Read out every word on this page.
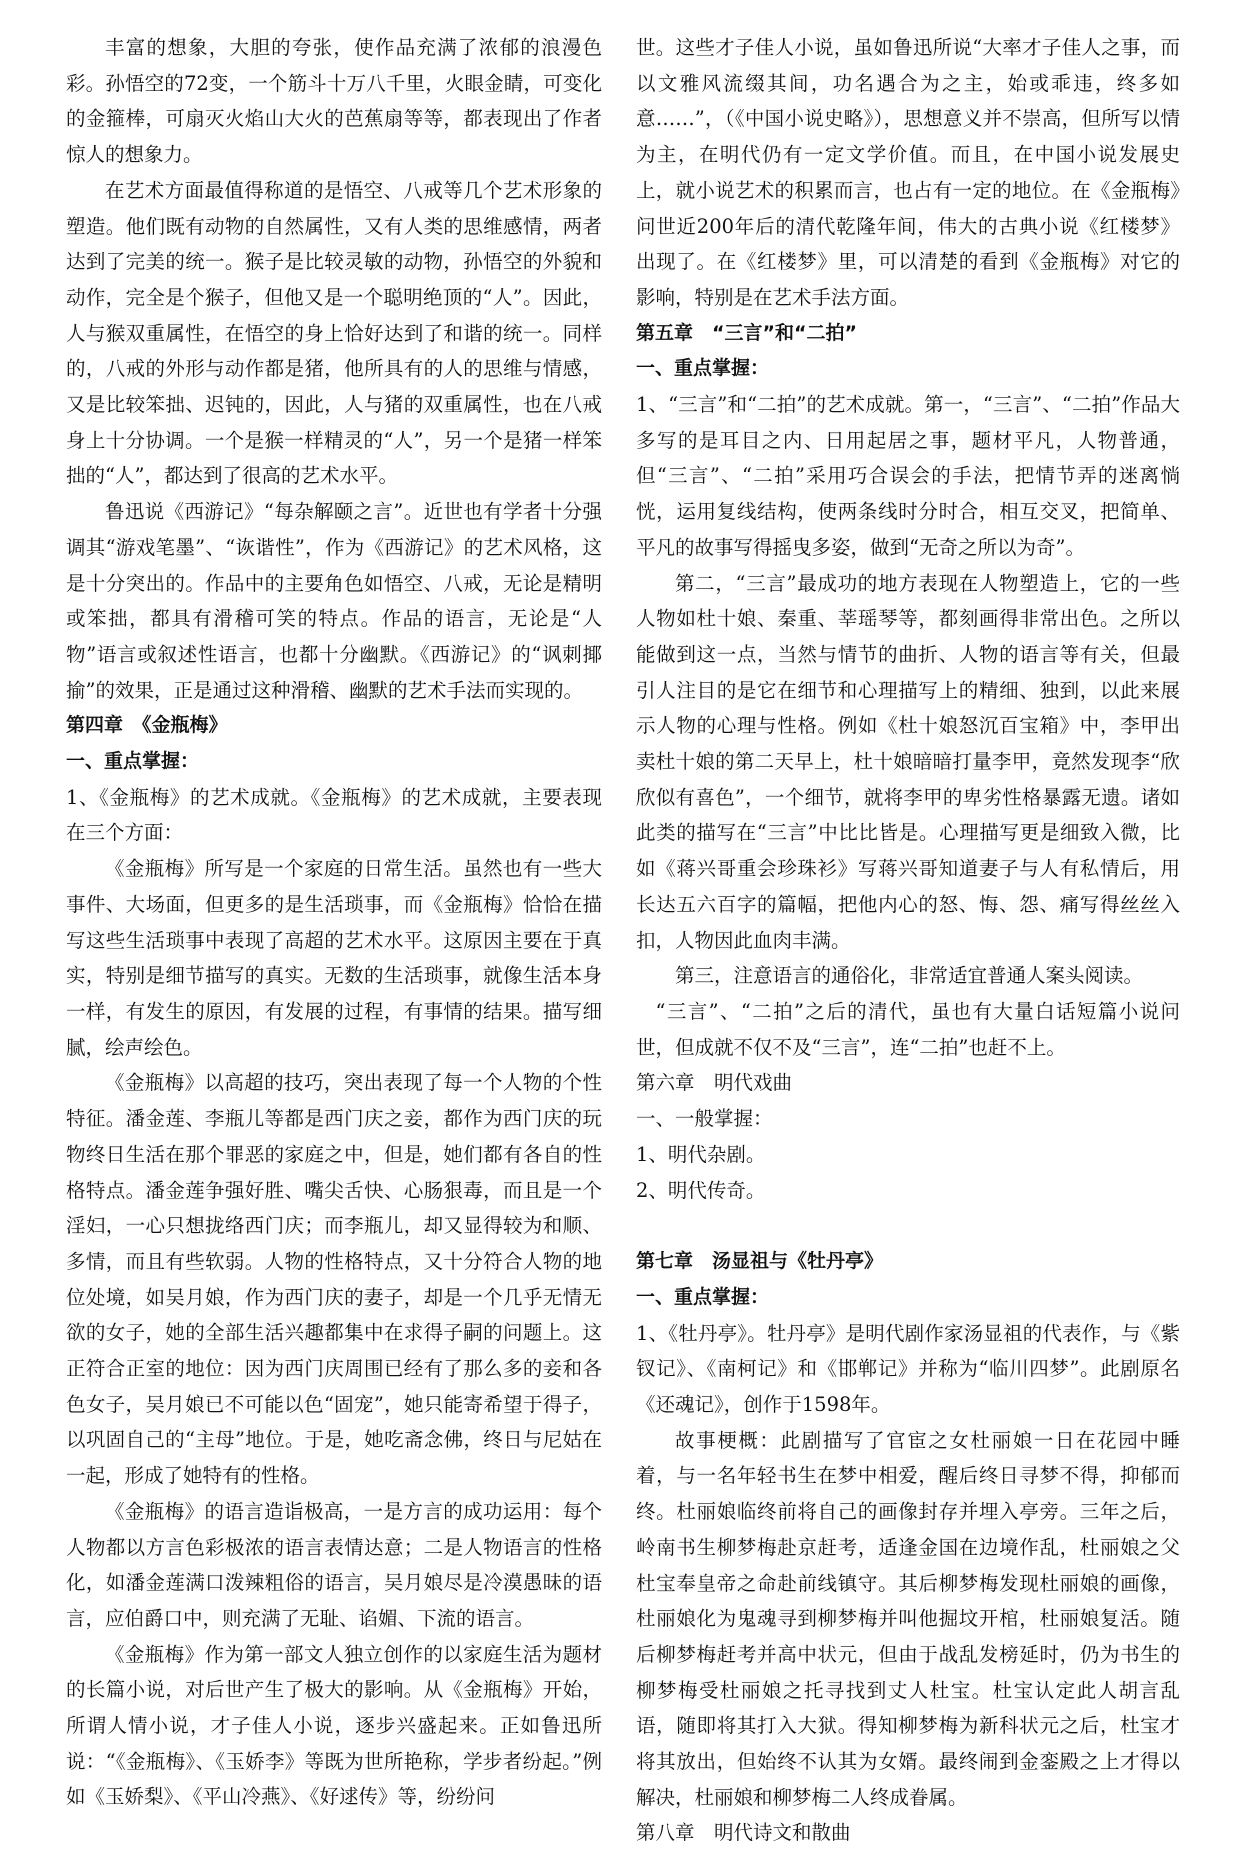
丰富的想象，大胆的夸张，使作品充满了浓郁的浪漫色彩。孙悟空的72变，一个筋斗十万八千里，火眼金睛，可变化的金箍棒，可扇灭火焰山大火的芭蕉扇等等，都表现出了作者惊人的想象力。

在艺术方面最值得称道的是悟空、八戒等几个艺术形象的塑造。他们既有动物的自然属性，又有人类的思维感情，两者达到了完美的统一。猴子是比较灵敏的动物，孙悟空的外貌和动作，完全是个猴子，但他又是一个聪明绝顶的“人”。因此，人与猴双重属性，在悟空的身上恰好达到了和谐的统一。同样的，八戒的外形与动作都是猪，他所具有的人的思维与情感，又是比较笨拙、迟钝的，因此，人与猪的双重属性，也在八戒身上十分协调。一个是猴一样精灵的“人”，另一个是猪一样笨拙的“人”，都达到了很高的艺术水平。

鲁迅说《西游记》“每杂解颐之言”。近世也有学者十分强调其“游戏笔墨”、“诙谐性”，作为《西游记》的艺术风格，这是十分突出的。作品中的主要角色如悟空、八戒，无论是精明或笨拙，都具有滑稽可笑的特点。作品的语言，无论是“人物”语言或叙述性语言，也都十分幽默。《西游记》的“讽刺揶揄”的效果，正是通过这种滑稽、幽默的艺术手法而实现的。

第四章　《金瓶梅》

一、重点掌握：

1、《金瓶梅》的艺术成就。《金瓶梅》的艺术成就，主要表现在三个方面：

《金瓶梅》所写是一个家庭的日常生活。虽然也有一些大事件、大场面，但更多的是生活琐事，而《金瓶梅》恰恰在描写这些生活琐事中表现了高超的艺术水平。这原因主要在于真实，特别是细节描写的真实。无数的生活琐事，就像生活本身一样，有发生的原因，有发展的过程，有事情的结果。描写细腻，绘声绘色。

《金瓶梅》以高超的技巧，突出表现了每一个人物的个性特征。潘金莲、李瓶儿等都是西门庆之妾，都作为西门庆的玩物终日生活在那个罪恶的家庭之中，但是，她们都有各自的性格特点。潘金莲争强好胜、嘴尖舌快、心肠狠毒，而且是一个淫妇，一心只想拢络西门庆；而李瓶儿，却又显得较为和顺、多情，而且有些软弱。人物的性格特点，又十分符合人物的地位处境，如吴月娘，作为西门庆的妻子，却是一个几乎无情无欲的女子，她的全部生活兴趣都集中在求得子嗣的问题上。这正符合正室的地位：因为西门庆周围已经有了那么多的妾和各色女子，吴月娘已不可能以色“固宠”，她只能寄希望于得子，以巩固自己的“主母”地位。于是，她吃斋念佛，终日与尼姑在一起，形成了她特有的性格。

《金瓶梅》的语言造诣极高，一是方言的成功运用：每个人物都以方言色彩极浓的语言表情达意；二是人物语言的性格化，如潘金莲满口泼辣粗俗的语言，吴月娘尽是冷漠愚昧的语言，应伯爵口中，则充满了无耻、谄媚、下流的语言。

《金瓶梅》作为第一部文人独立创作的以家庭生活为题材的长篇小说，对后世产生了极大的影响。从《金瓶梅》开始，所谓人情小说，才子佳人小说，逐步兴盛起来。正如鲁迅所说：“《金瓶梅》、《玉娇李》等既为世所艳称，学步者纷起。”例如《玉娇梨》、《平山冷燕》、《好逑传》等，纷纷问

世。这些才子佳人小说，虽如鲁迅所说“大率才子佳人之事，而以文雅风流缀其间，功名遇合为之主，始或乖违，终多如意……”，（《中国小说史略》），思想意义并不崇高，但所写以情为主，在明代仍有一定文学价值。而且，在中国小说发展史上，就小说艺术的积累而言，也占有一定的地位。在《金瓶梅》问世近200年后的清代乾隆年间，伟大的古典小说《红楼梦》出现了。在《红楼梦》里，可以清楚的看到《金瓶梅》对它的影响，特别是在艺术手法方面。

第五章　“三言”和“二拍”

一、重点掌握：

1、“三言”和“二拍”的艺术成就。第一，“三言”、“二拍”作品大多写的是耳目之内、日用起居之事，题材平凡，人物普通，但“三言”、“二拍”采用巧合误会的手法，把情节弄的迷离惝恍，运用复线结构，使两条线时分时合，相互交叉，把简单、平凡的故事写得摇曳多姿，做到“无奇之所以为奇”。

第二，“三言”最成功的地方表现在人物塑造上，它的一些人物如杜十娘、秦重、莘瑶琴等，都刻画得非常出色。之所以能做到这一点，当然与情节的曲折、人物的语言等有关，但最引人注目的是它在细节和心理描写上的精细、独到，以此来展示人物的心理与性格。例如《杜十娘怒沉百宝箱》中，李甲出卖杜十娘的第二天早上，杜十娘暗暗打量李甲，竟然发现李“欣欣似有喜色”，一个细节，就将李甲的卑劣性格暴露无遗。诸如此类的描写在“三言”中比比皆是。心理描写更是细致入微，比如《蒋兴哥重会珍珠衫》写蒋兴哥知道妻子与人有私情后，用长达五六百字的篇幅，把他内心的怒、悔、怨、痛写得丝丝入扣，人物因此血肉丰满。

第三，注意语言的通俗化，非常适宜普通人案头阅读。

“三言”、“二拍”之后的清代，虽也有大量白话短篇小说问世，但成就不仅不及“三言”，连“二拍”也赶不上。

第六章　明代戏曲

一、一般掌握：

1、明代杂剧。

2、明代传奇。

第七章　汤显祖与《牡丹亭》

一、重点掌握：

1、《牡丹亭》。牡丹亭》是明代剧作家汤显祖的代表作，与《紫钗记》、《南柯记》和《邯郸记》并称为“临川四梦”。此剧原名《还魂记》，创作于1598年。

故事梗概：此剧描写了官宦之女杜丽娘一日在花园中睡着，与一名年轻书生在梦中相爱，醒后终日寻梦不得，抑郁而终。杜丽娘临终前将自己的画像封存并埋入亭旁。三年之后，岭南书生柳梦梅赴京赶考，适逢金国在边境作乱，杜丽娘之父杜宝奉皇帝之命赴前线镇守。其后柳梦梅发现杜丽娘的画像，杜丽娘化为鬼魂寻到柳梦梅并叫他掘坟开棺，杜丽娘复活。随后柳梦梅赶考并高中状元，但由于战乱发榜延时，仍为书生的柳梦梅受杜丽娘之托寻找到丈人杜宝。杜宝认定此人胡言乱语，随即将其打入大狱。得知柳梦梅为新科状元之后，杜宝才将其放出，但始终不认其为女婿。最终闹到金銮殿之上才得以解决，杜丽娘和柳梦梅二人终成眷属。

第八章　明代诗文和散曲
